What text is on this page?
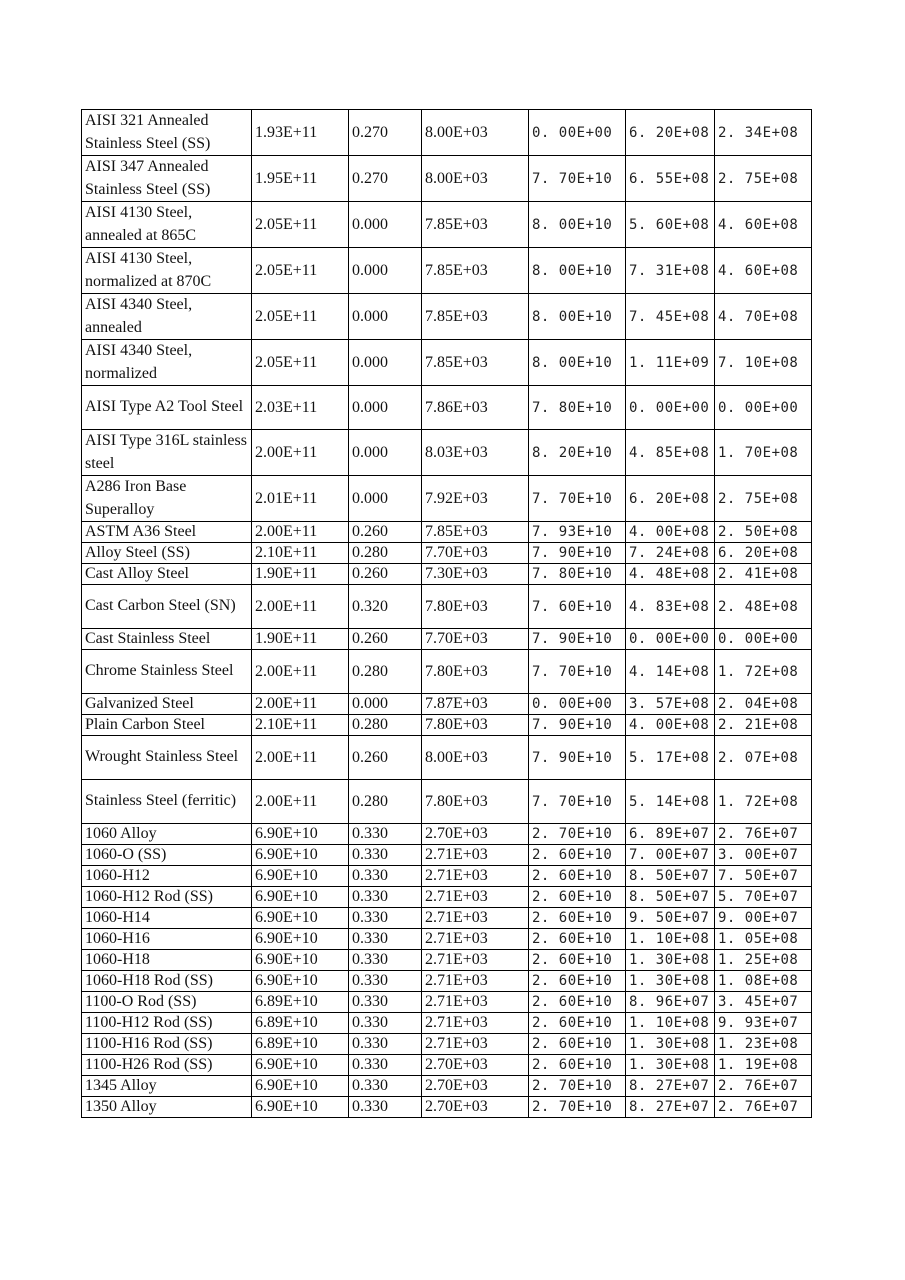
AISI 321 Annealed Stainless Steel (SS)	1.93E+11	0.270	8.00E+03	0. 00E+00	6. 20E+08	2. 34E+08
AISI 347 Annealed Stainless Steel (SS)	1.95E+11	0.270	8.00E+03	7. 70E+10	6. 55E+08	2. 75E+08
AISI 4130 Steel, annealed at 865C	2.05E+11	0.000	7.85E+03	8. 00E+10	5. 60E+08	4. 60E+08
AISI 4130 Steel, normalized at 870C	2.05E+11	0.000	7.85E+03	8. 00E+10	7. 31E+08	4. 60E+08
AISI 4340 Steel, annealed	2.05E+11	0.000	7.85E+03	8. 00E+10	7. 45E+08	4. 70E+08
AISI 4340 Steel, normalized	2.05E+11	0.000	7.85E+03	8. 00E+10	1. 11E+09	7. 10E+08
AISI Type A2 Tool Steel	2.03E+11	0.000	7.86E+03	7. 80E+10	0. 00E+00	0. 00E+00
AISI Type 316L stainless steel	2.00E+11	0.000	8.03E+03	8. 20E+10	4. 85E+08	1. 70E+08
A286 Iron Base Superalloy	2.01E+11	0.000	7.92E+03	7. 70E+10	6. 20E+08	2. 75E+08
ASTM A36 Steel	2.00E+11	0.260	7.85E+03	7. 93E+10	4. 00E+08	2. 50E+08
Alloy Steel (SS)	2.10E+11	0.280	7.70E+03	7. 90E+10	7. 24E+08	6. 20E+08
Cast Alloy Steel	1.90E+11	0.260	7.30E+03	7. 80E+10	4. 48E+08	2. 41E+08
Cast Carbon Steel (SN)	2.00E+11	0.320	7.80E+03	7. 60E+10	4. 83E+08	2. 48E+08
Cast Stainless Steel	1.90E+11	0.260	7.70E+03	7. 90E+10	0. 00E+00	0. 00E+00
Chrome Stainless Steel	2.00E+11	0.280	7.80E+03	7. 70E+10	4. 14E+08	1. 72E+08
Galvanized Steel	2.00E+11	0.000	7.87E+03	0. 00E+00	3. 57E+08	2. 04E+08
Plain Carbon Steel	2.10E+11	0.280	7.80E+03	7. 90E+10	4. 00E+08	2. 21E+08
Wrought Stainless Steel	2.00E+11	0.260	8.00E+03	7. 90E+10	5. 17E+08	2. 07E+08
Stainless Steel (ferritic)	2.00E+11	0.280	7.80E+03	7. 70E+10	5. 14E+08	1. 72E+08
1060 Alloy	6.90E+10	0.330	2.70E+03	2. 70E+10	6. 89E+07	2. 76E+07
1060-O (SS)	6.90E+10	0.330	2.71E+03	2. 60E+10	7. 00E+07	3. 00E+07
1060-H12	6.90E+10	0.330	2.71E+03	2. 60E+10	8. 50E+07	7. 50E+07
1060-H12 Rod (SS)	6.90E+10	0.330	2.71E+03	2. 60E+10	8. 50E+07	5. 70E+07
1060-H14	6.90E+10	0.330	2.71E+03	2. 60E+10	9. 50E+07	9. 00E+07
1060-H16	6.90E+10	0.330	2.71E+03	2. 60E+10	1. 10E+08	1. 05E+08
1060-H18	6.90E+10	0.330	2.71E+03	2. 60E+10	1. 30E+08	1. 25E+08
1060-H18 Rod (SS)	6.90E+10	0.330	2.71E+03	2. 60E+10	1. 30E+08	1. 08E+08
1100-O Rod (SS)	6.89E+10	0.330	2.71E+03	2. 60E+10	8. 96E+07	3. 45E+07
1100-H12 Rod (SS)	6.89E+10	0.330	2.71E+03	2. 60E+10	1. 10E+08	9. 93E+07
1100-H16 Rod (SS)	6.89E+10	0.330	2.71E+03	2. 60E+10	1. 30E+08	1. 23E+08
1100-H26 Rod (SS)	6.90E+10	0.330	2.70E+03	2. 60E+10	1. 30E+08	1. 19E+08
1345 Alloy	6.90E+10	0.330	2.70E+03	2. 70E+10	8. 27E+07	2. 76E+07
1350 Alloy	6.90E+10	0.330	2.70E+03	2. 70E+10	8. 27E+07	2. 76E+07
